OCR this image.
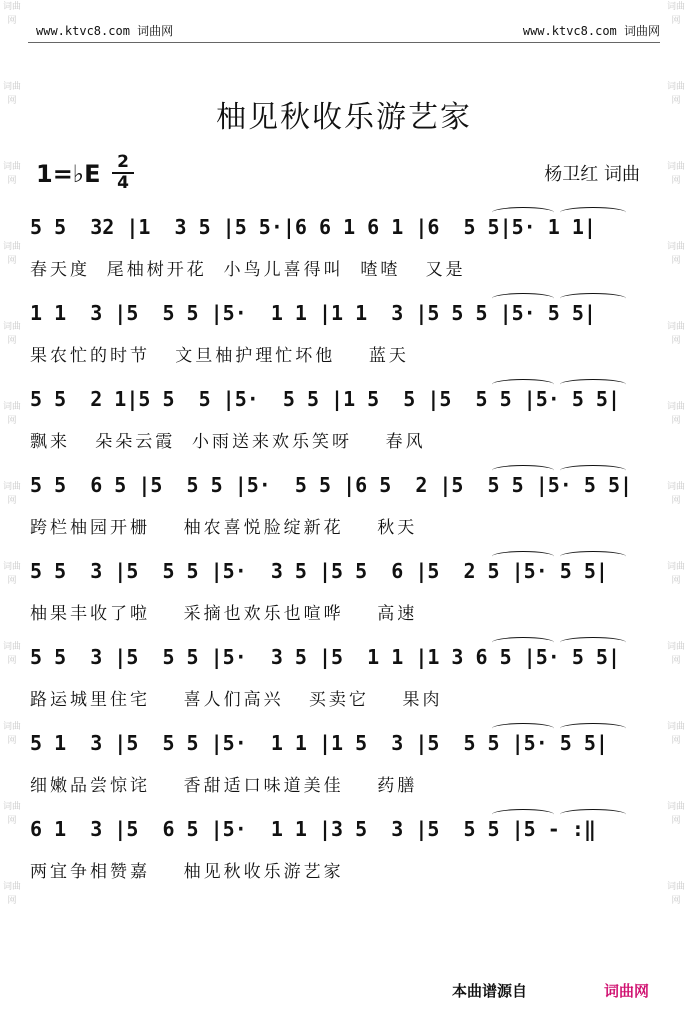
词曲网
词曲网
词曲网
词曲网
词曲网
词曲网
词曲网
词曲网
词曲网
词曲网
词曲网
词曲网
词曲网
词曲网
词曲网
词曲网
词曲网
词曲网
词曲网
词曲网
词曲网
词曲网
词曲网
词曲网
www.ktvc8.com 词曲网	www.ktvc8.com 词曲网
柚见秋收乐游艺家
1=♭E 2
4	杨卫红 词曲
5 5  32 |1  3 5 |5 5·|6 6 1 6 1 |6  5 5|5· 1 1|
春天度  尾柚树开花  小鸟儿喜得叫  喳喳   又是
1 1  3 |5  5 5 |5·  1 1 |1 1  3 |5 5 5 |5· 5 5|
果农忙的时节   文旦柚护理忙坏他    蓝天
5 5  2 1|5 5  5 |5·  5 5 |1 5  5 |5  5 5 |5· 5 5|
飘来   朵朵云霞  小雨送来欢乐笑呀    春风
5 5  6 5 |5  5 5 |5·  5 5 |6 5  2 |5  5 5 |5· 5 5|
跨栏柚园开栅    柚农喜悦脸绽新花    秋天
5 5  3 |5  5 5 |5·  3 5 |5 5  6 |5  2 5 |5· 5 5|
柚果丰收了啦    采摘也欢乐也喧哗    高速
5 5  3 |5  5 5 |5·  3 5 |5  1 1 |1 3 6 5 |5· 5 5|
路运城里住宅    喜人们高兴   买卖它    果肉
5 1  3 |5  5 5 |5·  1 1 |1 5  3 |5  5 5 |5· 5 5|
细嫩品尝惊诧    香甜适口味道美佳    药膳
6 1  3 |5  6 5 |5·  1 1 |3 5  3 |5  5 5 |5 - :‖
两宜争相赞嘉    柚见秋收乐游艺家
本曲谱源自	词曲网
